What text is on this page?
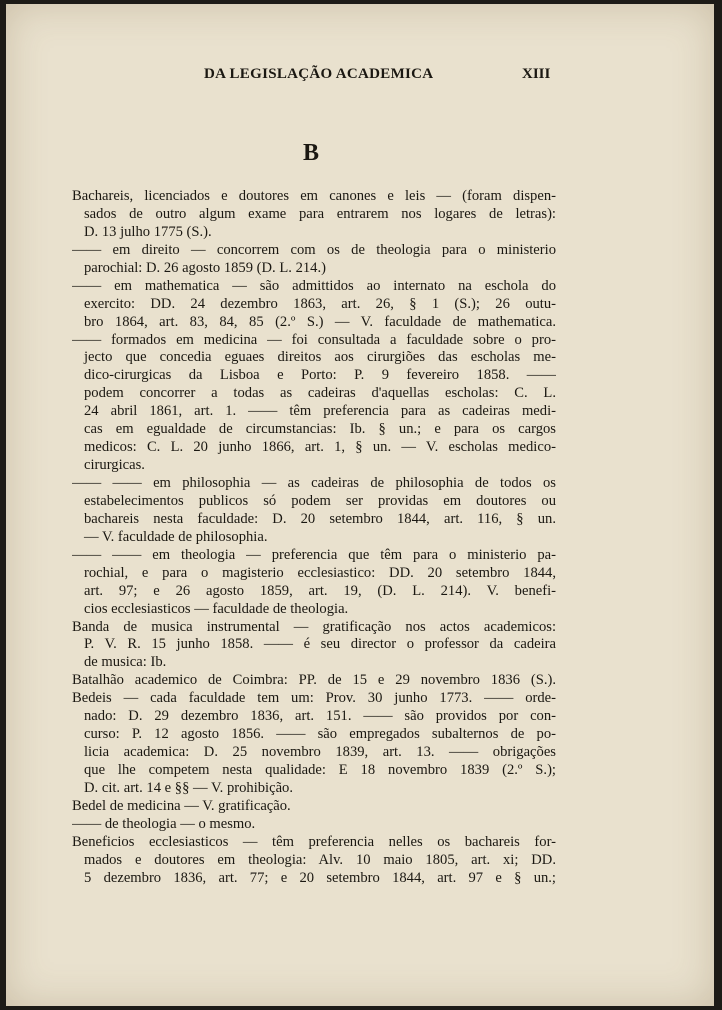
DA LEGISLAÇÃO ACADEMICA	XIII
B
Bachareis, licenciados e doutores em canones e leis — (foram dispen-
sados de outro algum exame para entrarem nos logares de letras):
D. 13 julho 1775 (S.).
—— em direito — concorrem com os de theologia para o ministerio
parochial: D. 26 agosto 1859 (D. L. 214.)
—— em mathematica — são admittidos ao internato na escholа do
exercito: DD. 24 dezembro 1863, art. 26, § 1 (S.); 26 outu-
bro 1864, art. 83, 84, 85 (2.º S.) — V. faculdade de mathematica.
—— formados em medicina — foi consultada a faculdade sobre o pro-
jecto que concedia eguaes direitos aos cirurgiões das escholas me-
dico-cirurgicas da Lisboa e Porto: P. 9 fevereiro 1858. ——
podem concorrer a todas as cadeiras d'aquellas escholas: C. L.
24 abril 1861, art. 1. —— têm preferencia para as cadeiras medi-
cas em egualdade de circumstancias: Ib. § un.; e para os cargos
medicos: C. L. 20 junho 1866, art. 1, § un. — V. escholas medico-
cirurgicas.
—— —— em philosophia — as cadeiras de philosophia de todos os
estabelecimentos publicos só podem ser providas em doutores ou
bachareis nesta faculdade: D. 20 setembro 1844, art. 116, § un.
— V. faculdade de philosophia.
—— —— em theologia — preferencia que têm para o ministerio pa-
rochial, e para o magisterio ecclesiastico: DD. 20 setembro 1844,
art. 97; e 26 agosto 1859, art. 19, (D. L. 214). V. benefi-
cios ecclesiasticos — faculdade de theologia.
Banda de musica instrumental — gratificação nos actos academicos:
P. V. R. 15 junho 1858. —— é seu director o professor da cadeira
de musica: Ib.
Batalhão academico de Coimbra: PP. de 15 e 29 novembro 1836 (S.).
Bedeis — cada faculdade tem um: Prov. 30 junho 1773. —— orde-
nado: D. 29 dezembro 1836, art. 151. —— são providos por con-
curso: P. 12 agosto 1856. —— são empregados subalternos de po-
licia academica: D. 25 novembro 1839, art. 13. —— obrigações
que lhe competem nesta qualidade: E 18 novembro 1839 (2.º S.);
D. cit. art. 14 e §§ — V. prohibição.
Bedel de medicina — V. gratificação.
—— de theologia — o mesmo.
Beneficios ecclesiasticos — têm preferencia nelles os bachareis for-
mados e doutores em theologia: Alv. 10 maio 1805, art. xi; DD.
5 dezembro 1836, art. 77; e 20 setembro 1844, art. 97 e § un.;
